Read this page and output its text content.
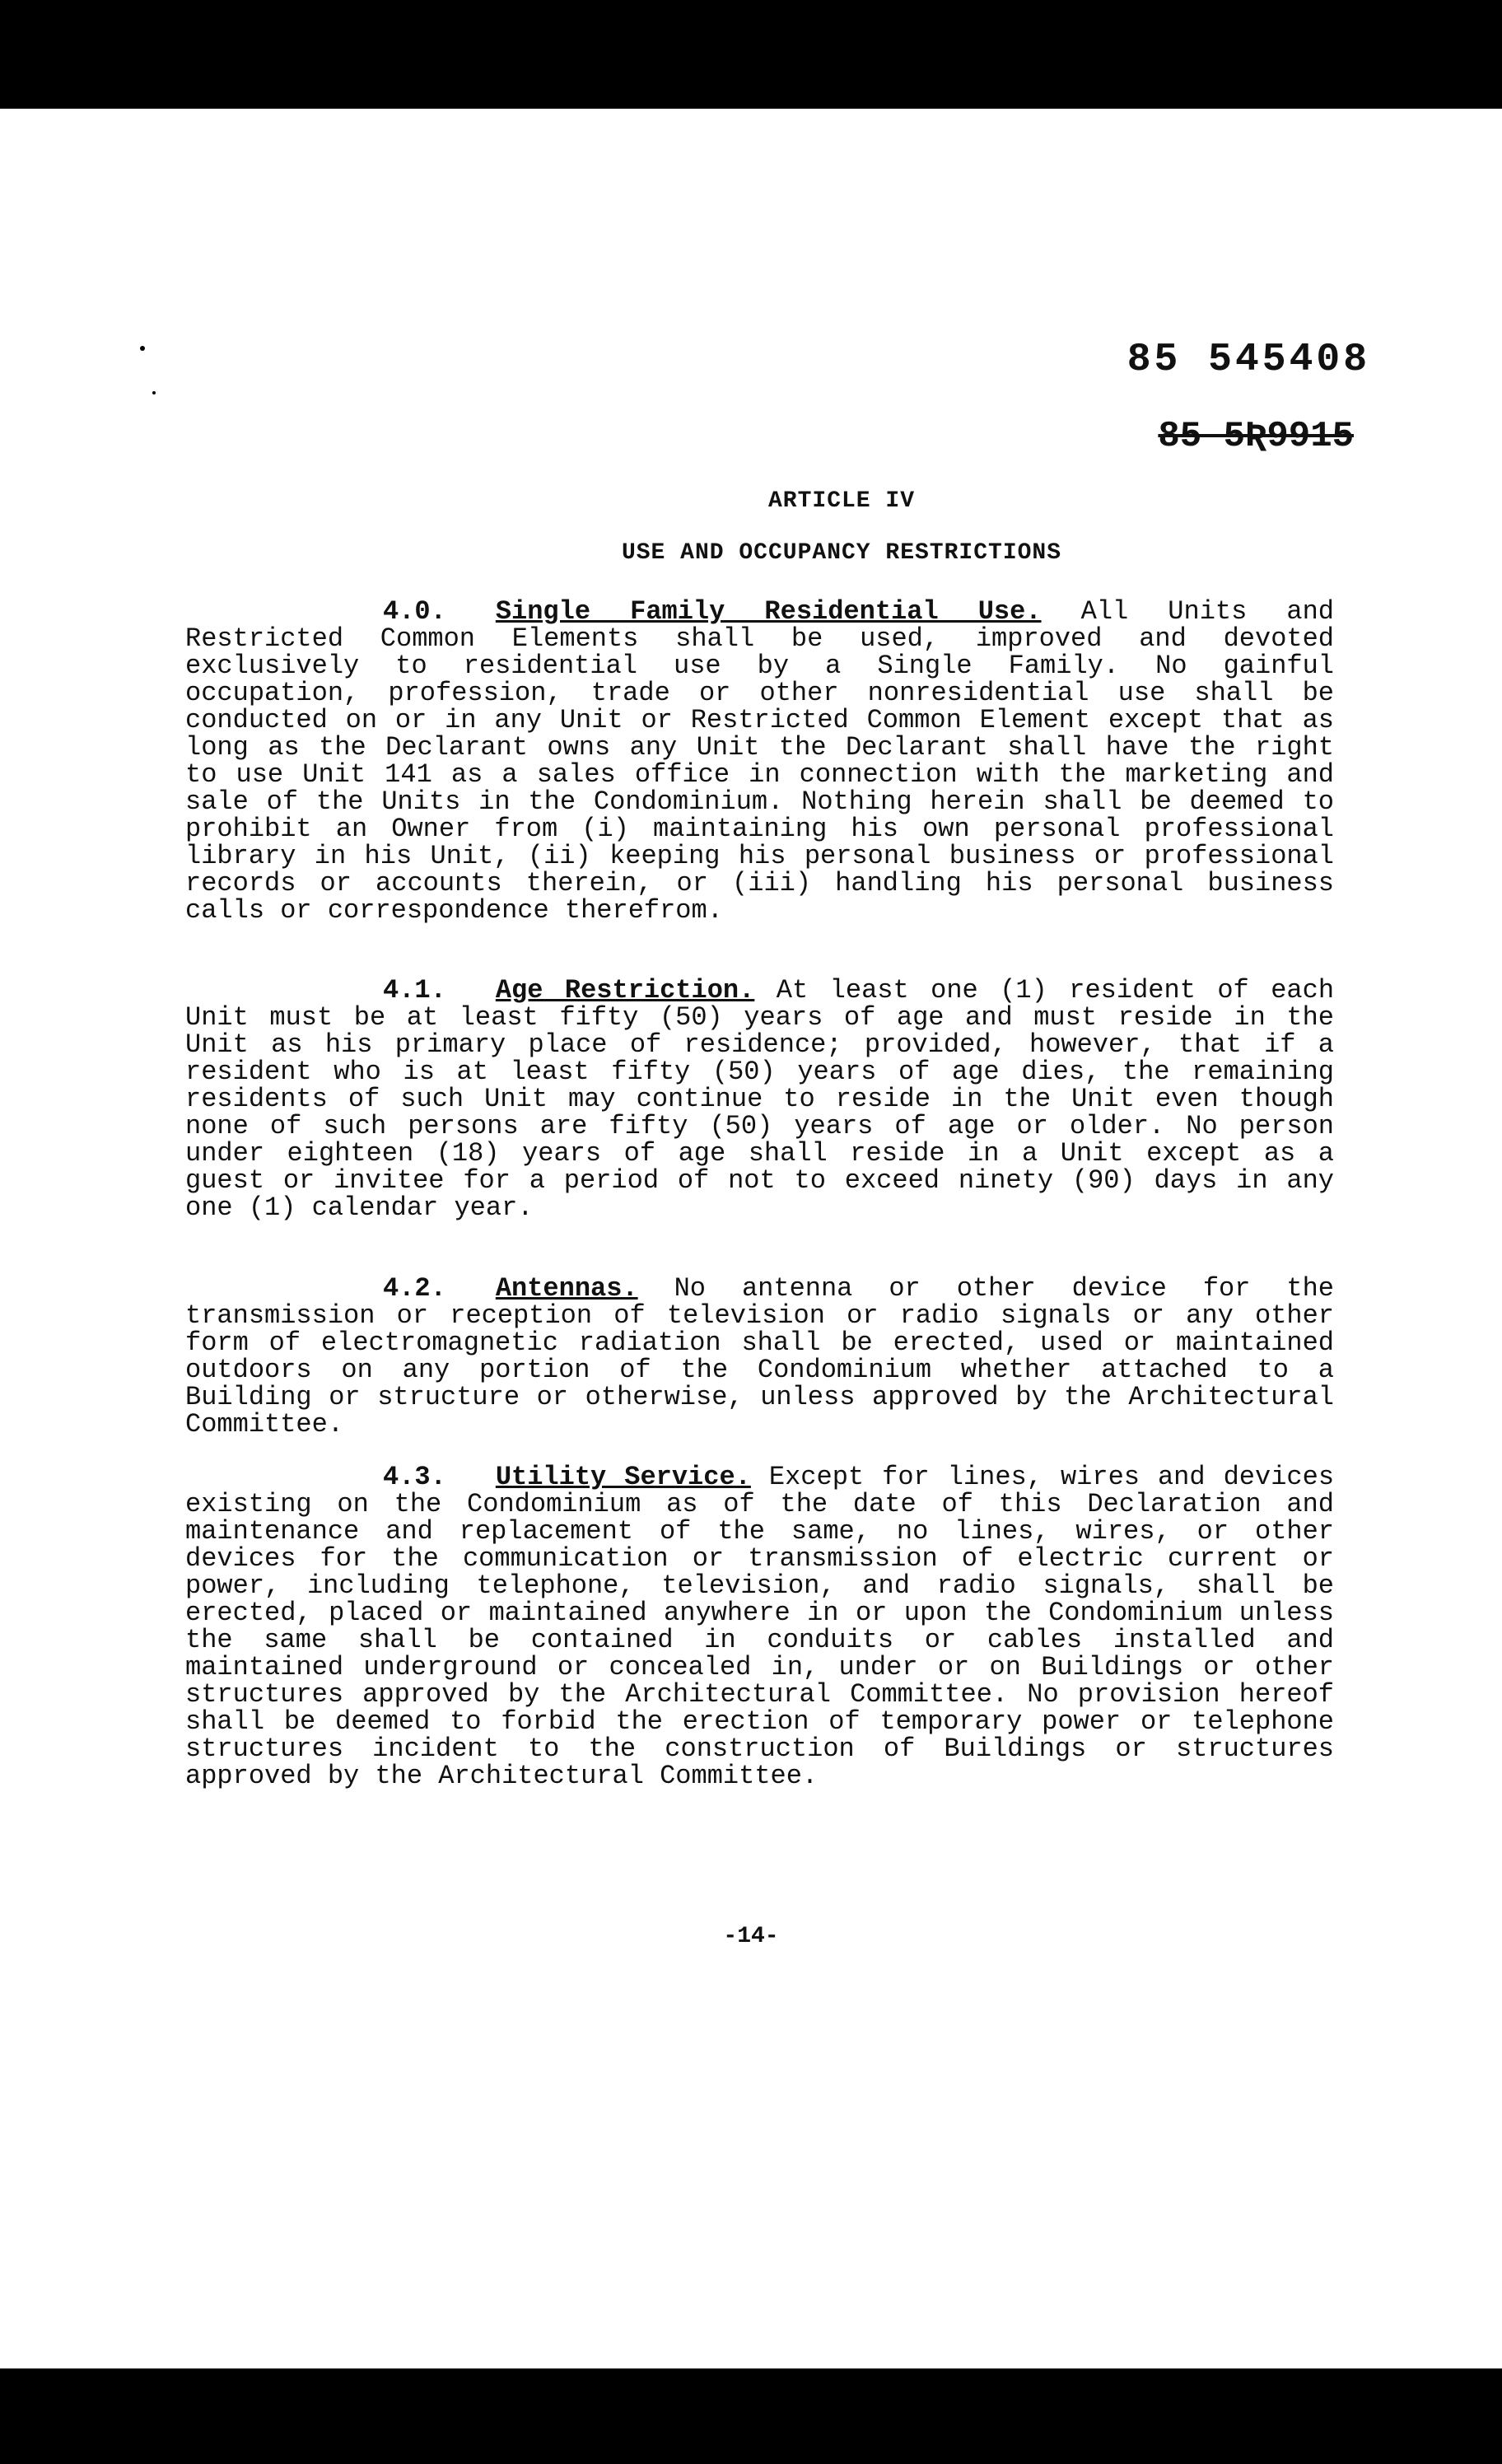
85 545408
85 5Ʀ9915
ARTICLE IV
USE AND OCCUPANCY RESTRICTIONS

4.0. Single Family Residential Use. All Units and Restricted Common Elements shall be used, improved and devoted exclusively to residential use by a Single Family. No gainful occupation, profession, trade or other nonresidential use shall be conducted on or in any Unit or Restricted Common Element except that as long as the Declarant owns any Unit the Declarant shall have the right to use Unit 141 as a sales office in connection with the marketing and sale of the Units in the Condominium. Nothing herein shall be deemed to prohibit an Owner from (i) maintaining his own personal professional library in his Unit, (ii) keeping his personal business or professional records or accounts therein, or (iii) handling his personal business calls or correspondence therefrom.

4.1. Age Restriction. At least one (1) resident of each Unit must be at least fifty (50) years of age and must reside in the Unit as his primary place of residence; provided, however, that if a resident who is at least fifty (50) years of age dies, the remaining residents of such Unit may continue to reside in the Unit even though none of such persons are fifty (50) years of age or older. No person under eighteen (18) years of age shall reside in a Unit except as a guest or invitee for a period of not to exceed ninety (90) days in any one (1) calendar year.

4.2. Antennas. No antenna or other device for the transmission or reception of television or radio signals or any other form of electromagnetic radiation shall be erected, used or maintained outdoors on any portion of the Condominium whether attached to a Building or structure or otherwise, unless approved by the Architectural Committee.

4.3. Utility Service. Except for lines, wires and devices existing on the Condominium as of the date of this Declaration and maintenance and replacement of the same, no lines, wires, or other devices for the communication or transmission of electric current or power, including telephone, television, and radio signals, shall be erected, placed or maintained anywhere in or upon the Condominium unless the same shall be contained in conduits or cables installed and maintained underground or concealed in, under or on Buildings or other structures approved by the Architectural Committee. No provision hereof shall be deemed to forbid the erection of temporary power or telephone structures incident to the construction of Buildings or structures approved by the Architectural Committee.

-14-
